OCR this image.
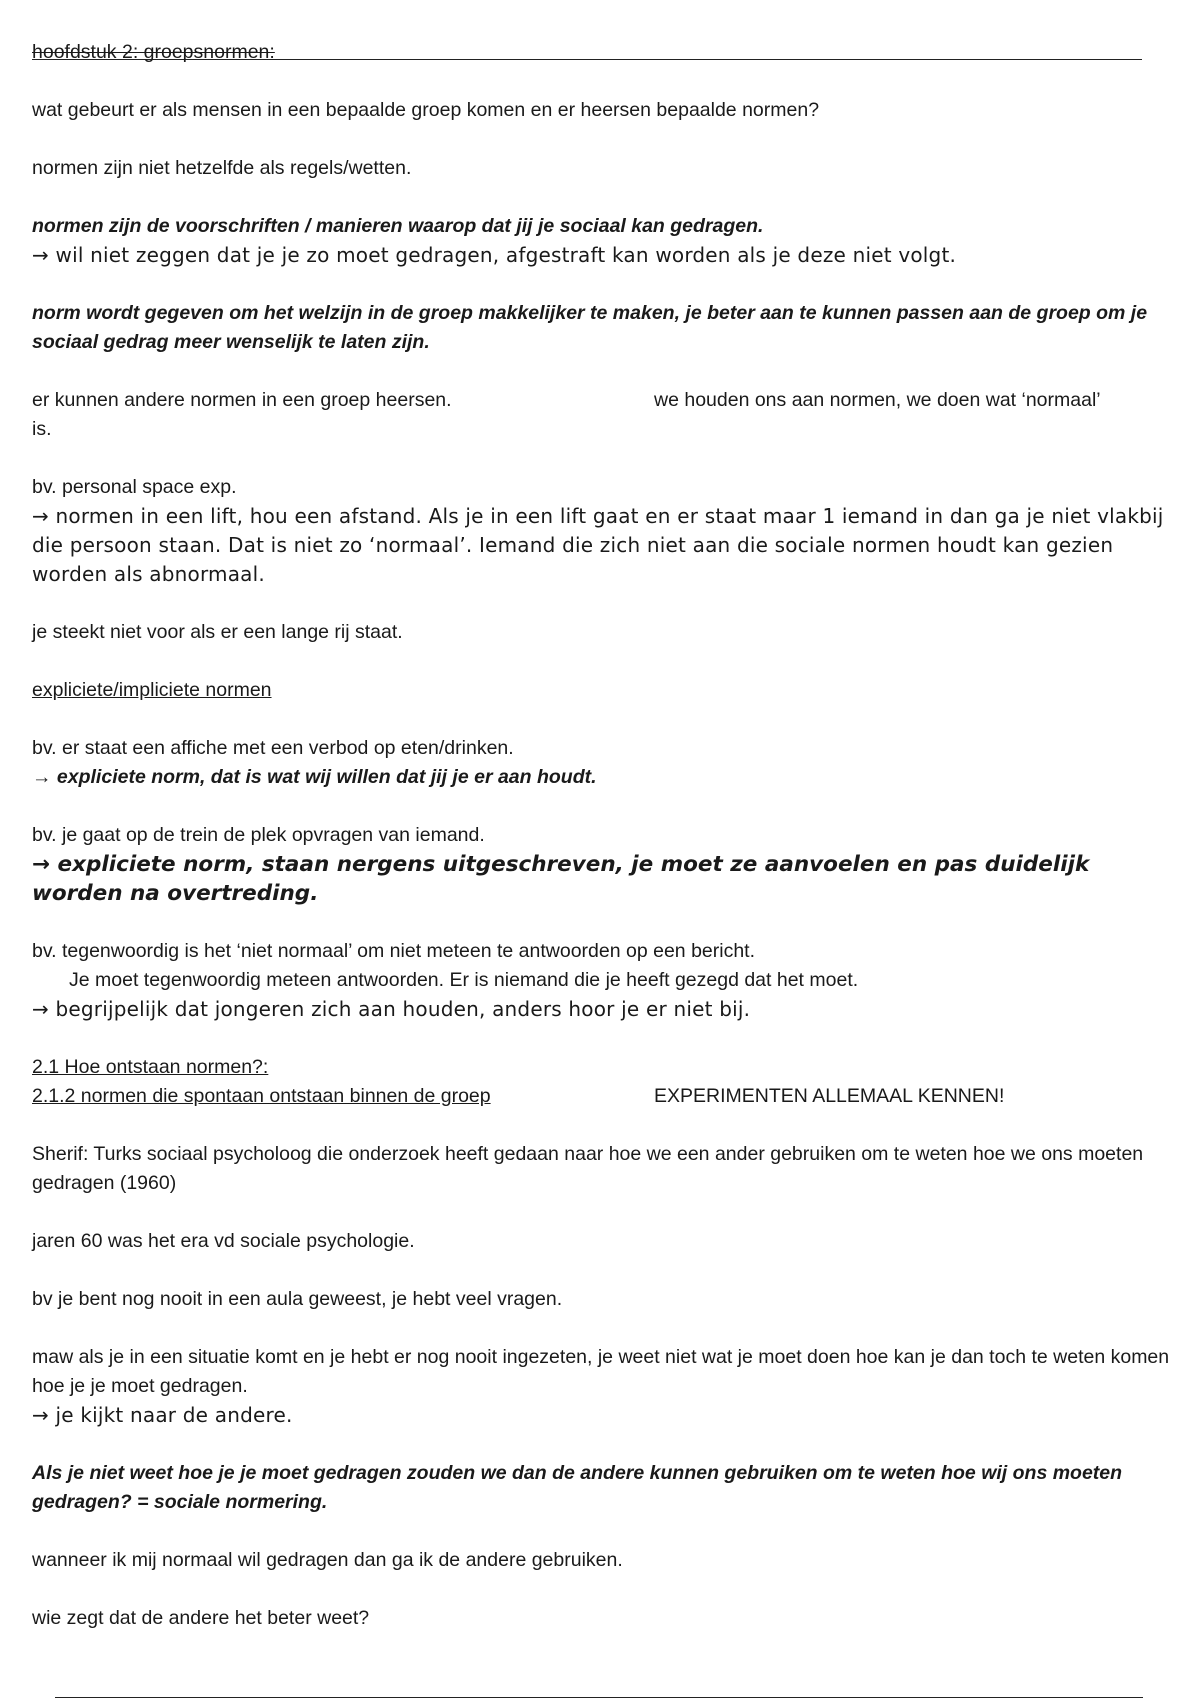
hoofdstuk 2: groepsnormen:

wat gebeurt er als mensen in een bepaalde groep komen en er heersen bepaalde normen?

normen zijn niet hetzelfde als regels/wetten.

normen zijn de voorschriften / manieren waarop dat jij je sociaal kan gedragen.

→ wil niet zeggen dat je je zo moet gedragen, afgestraft kan worden als je deze niet volgt.

norm wordt gegeven om het welzijn in de groep makkelijker te maken, je beter aan te kunnen passen aan de groep om je sociaal gedrag meer wenselijk te laten zijn.

er kunnen andere normen in een groep heersen.	we houden ons aan normen, we doen wat ‘normaal’

is.

bv. personal space exp.

→ normen in een lift, hou een afstand. Als je in een lift gaat en er staat maar 1 iemand in dan ga je niet vlakbij die persoon staan. Dat is niet zo ‘normaal’. Iemand die zich niet aan die sociale normen houdt kan gezien worden als abnormaal.

je steekt niet voor als er een lange rij staat.

expliciete/impliciete normen

bv. er staat een affiche met een verbod op eten/drinken.

→ expliciete norm, dat is wat wij willen dat jij je er aan houdt.

bv. je gaat op de trein de plek opvragen van iemand.

→ expliciete norm, staan nergens uitgeschreven, je moet ze aanvoelen en pas duidelijk worden na overtreding.

bv. tegenwoordig is het ‘niet normaal’ om niet meteen te antwoorden op een bericht.

Je moet tegenwoordig meteen antwoorden. Er is niemand die je heeft gezegd dat het moet.

→ begrijpelijk dat jongeren zich aan houden, anders hoor je er niet bij.

2.1 Hoe ontstaan normen?:

2.1.2 normen die spontaan ontstaan binnen de groep	EXPERIMENTEN ALLEMAAL KENNEN!

Sherif: Turks sociaal psycholoog die onderzoek heeft gedaan naar hoe we een ander gebruiken om te weten hoe we ons moeten gedragen (1960)

jaren 60 was het era vd sociale psychologie.

bv je bent nog nooit in een aula geweest, je hebt veel vragen.

maw als je in een situatie komt en je hebt er nog nooit ingezeten, je weet niet wat je moet doen hoe kan je dan toch te weten komen hoe je je moet gedragen.

→ je kijkt naar de andere.

Als je niet weet hoe je je moet gedragen zouden we dan de andere kunnen gebruiken om te weten hoe wij ons moeten gedragen? = sociale normering.

wanneer ik mij normaal wil gedragen dan ga ik de andere gebruiken.

wie zegt dat de andere het beter weet?
